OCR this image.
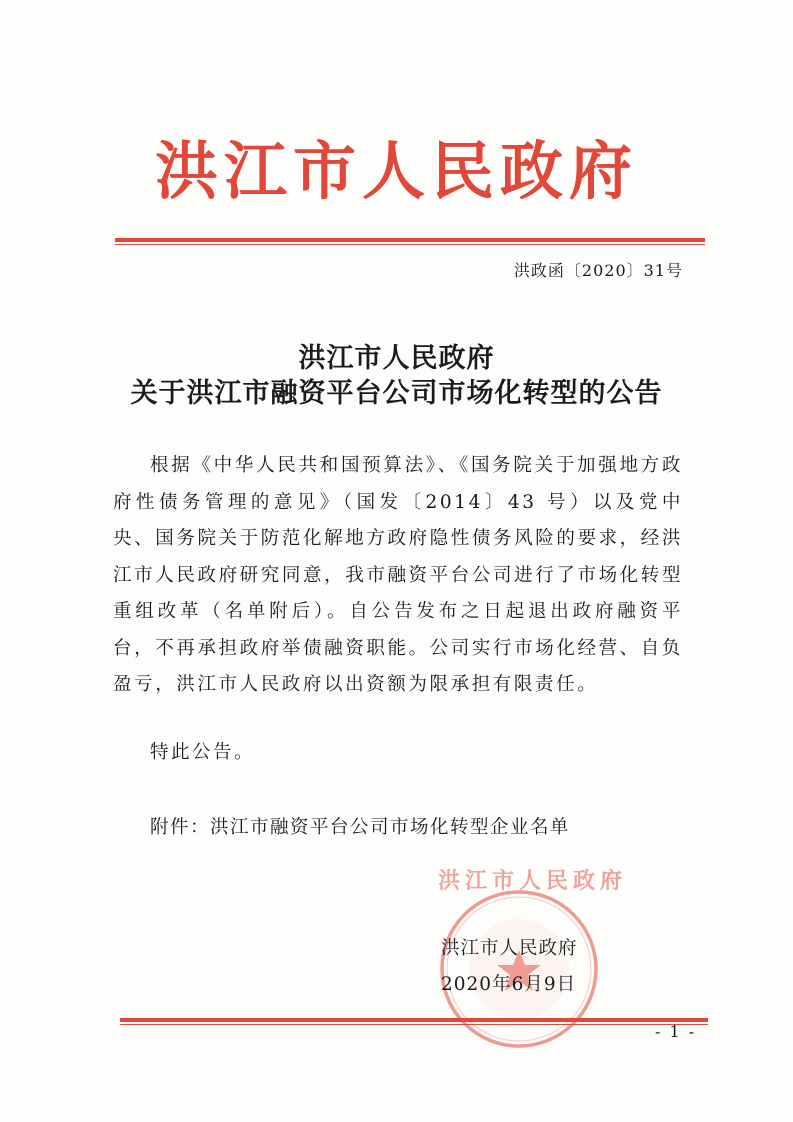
洪江市人民政府
洪政函〔2020〕31号
洪江市人民政府
关于洪江市融资平台公司市场化转型的公告

根据《中华人民共和国预算法》、《国务院关于加强地方政府性债务管理的意见》（国发〔2014〕43 号）以及党中央、国务院关于防范化解地方政府隐性债务风险的要求，经洪江市人民政府研究同意，我市融资平台公司进行了市场化转型重组改革（名单附后）。自公告发布之日起退出政府融资平台，不再承担政府举债融资职能。公司实行市场化经营、自负盈亏，洪江市人民政府以出资额为限承担有限责任。

特此公告。

附件：洪江市融资平台公司市场化转型企业名单

洪江市人民政府
洪江市人民政府
2020年6月9日
- 1 -
